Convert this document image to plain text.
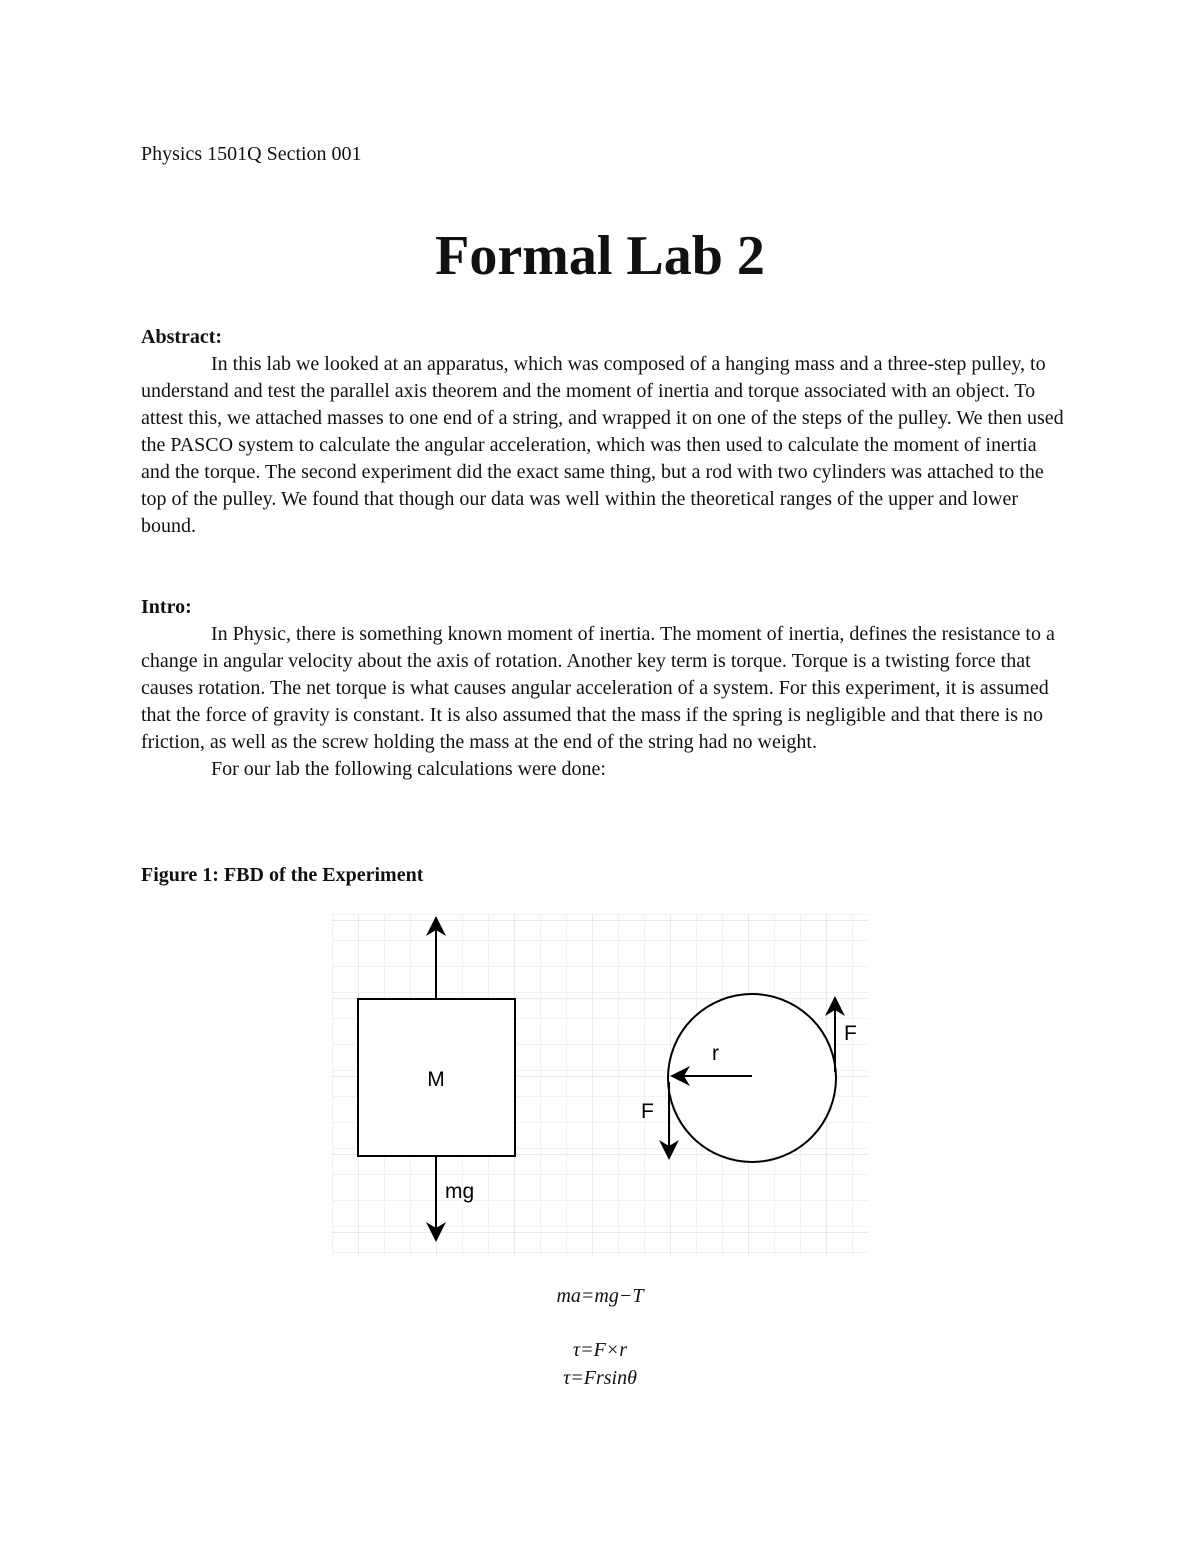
Physics 1501Q Section 001
Formal Lab 2
Abstract:

In this lab we looked at an apparatus, which was composed of a hanging mass and a three-step pulley, to understand and test the parallel axis theorem and the moment of inertia and torque associated with an object. To attest this, we attached masses to one end of a string, and wrapped it on one of the steps of the pulley. We then used the PASCO system to calculate the angular acceleration, which was then used to calculate the moment of inertia and the torque. The second experiment did the exact same thing, but a rod with two cylinders was attached to the top of the pulley. We found that though our data was well within the theoretical ranges of the upper and lower bound.

Intro:

In Physic, there is something known moment of inertia. The moment of inertia, defines the resistance to a change in angular velocity about the axis of rotation. Another key term is torque. Torque is a twisting force that causes rotation. The net torque is what causes angular acceleration of a system. For this experiment, it is assumed that the force of gravity is constant. It is also assumed that the mass if the spring is negligible and that there is no friction, as well as the screw holding the mass at the end of the string had no weight.

For our lab the following calculations were done:

Figure 1: FBD of the Experiment
M
mg
r
F
F
ma=mg−T
τ=F×r
τ=Frsinθ
